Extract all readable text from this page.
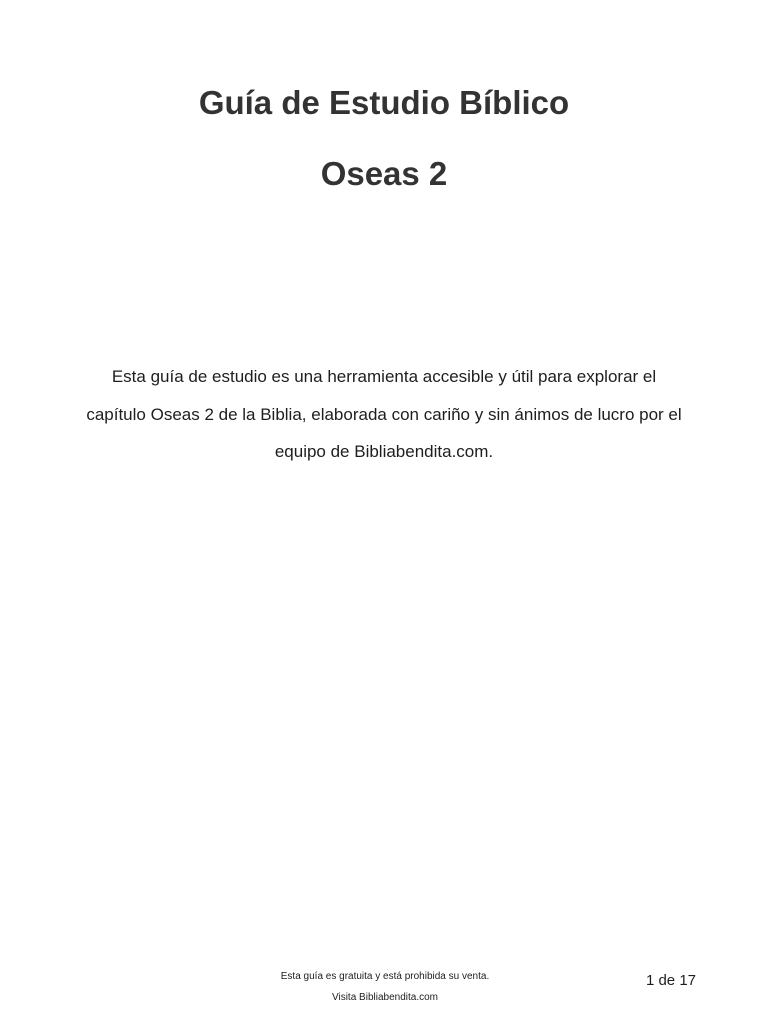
Guía de Estudio Bíblico
Oseas 2

Esta guía de estudio es una herramienta accesible y útil para explorar el capítulo Oseas 2 de la Biblia, elaborada con cariño y sin ánimos de lucro por el equipo de Bibliabendita.com.

Esta guía es gratuita y está prohibida su venta.

Visita Bibliabendita.com

1 de 17
